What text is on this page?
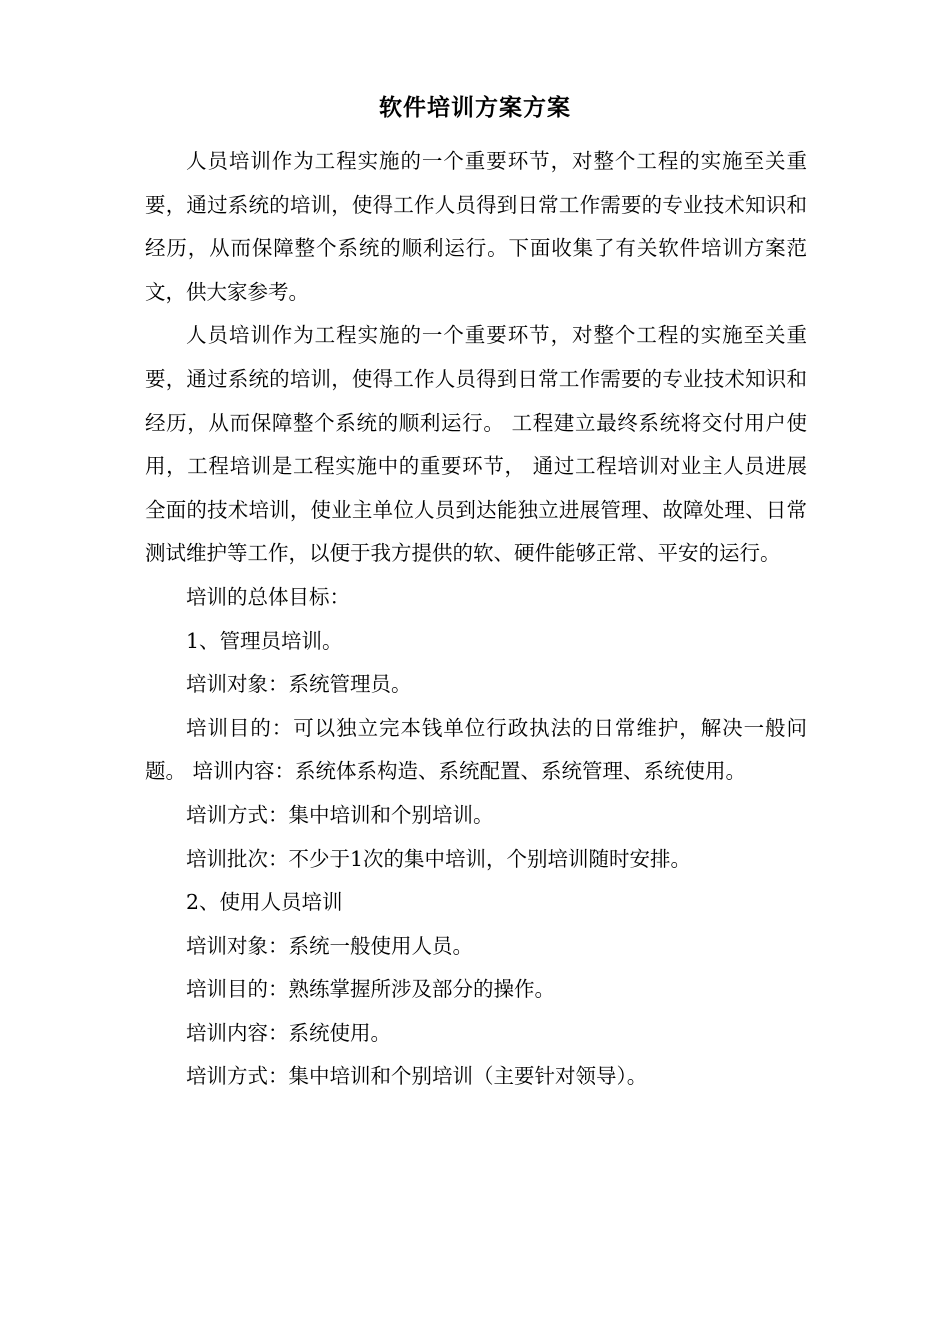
软件培训方案方案

人员培训作为工程实施的一个重要环节，对整个工程的实施至关重要，通过系统的培训，使得工作人员得到日常工作需要的专业技术知识和经历，从而保障整个系统的顺利运行。下面收集了有关软件培训方案范文，供大家参考。

人员培训作为工程实施的一个重要环节，对整个工程的实施至关重要，通过系统的培训，使得工作人员得到日常工作需要的专业技术知识和经历，从而保障整个系统的顺利运行。 工程建立最终系统将交付用户使用，工程培训是工程实施中的重要环节， 通过工程培训对业主人员进展全面的技术培训，使业主单位人员到达能独立进展管理、故障处理、日常测试维护等工作，以便于我方提供的软、硬件能够正常、平安的运行。

培训的总体目标：

1、管理员培训。

培训对象：系统管理员。

培训目的：可以独立完本钱单位行政执法的日常维护，解决一般问题。 培训内容：系统体系构造、系统配置、系统管理、系统使用。

培训方式：集中培训和个别培训。

培训批次：不少于1次的集中培训，个别培训随时安排。

2、使用人员培训

培训对象：系统一般使用人员。

培训目的：熟练掌握所涉及部分的操作。

培训内容：系统使用。

培训方式：集中培训和个别培训（主要针对领导）。
